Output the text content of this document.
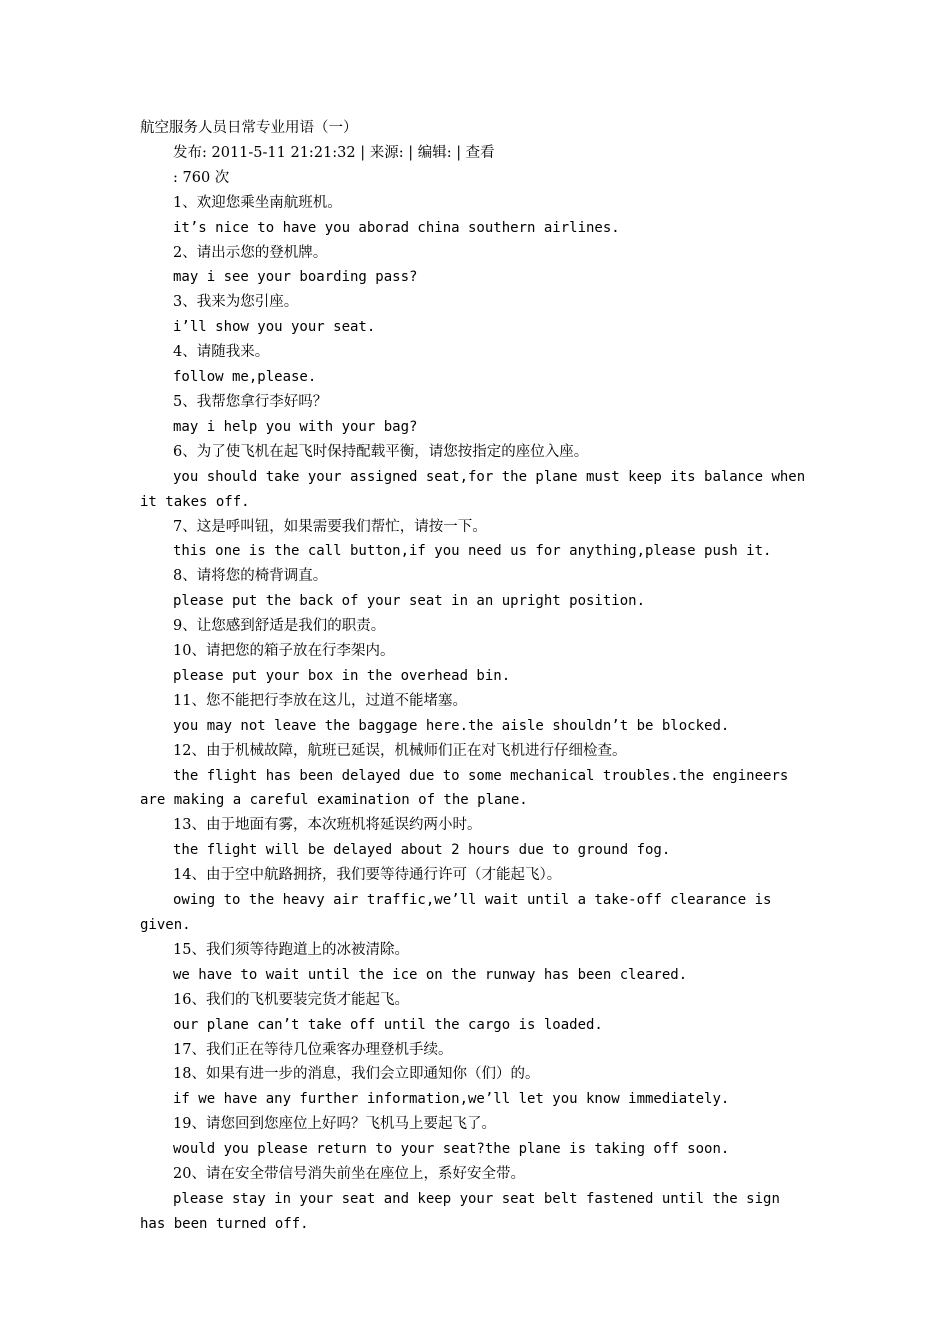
航空服务人员日常专业用语（一）

发布: 2011-5-11 21:21:32 | 来源: | 编辑: | 查看

: 760 次

1、欢迎您乘坐南航班机。

it’s nice to have you aborad china southern airlines.

2、请出示您的登机牌。

may i see your boarding pass?

3、我来为您引座。

i’ll show you your seat.

4、请随我来。

follow me,please.

5、我帮您拿行李好吗？

may i help you with your bag?

6、为了使飞机在起飞时保持配载平衡，请您按指定的座位入座。

you should take your assigned seat,for the plane must keep its balance when it takes off.

7、这是呼叫钮，如果需要我们帮忙，请按一下。

this one is the call button,if you need us for anything,please push it.

8、请将您的椅背调直。

please put the back of your seat in an upright position.

9、让您感到舒适是我们的职责。

10、请把您的箱子放在行李架内。

please put your box in the overhead bin.

11、您不能把行李放在这儿，过道不能堵塞。

you may not leave the baggage here.the aisle shouldn’t be blocked.

12、由于机械故障，航班已延误，机械师们正在对飞机进行仔细检查。

the flight has been delayed due to some mechanical troubles.the engineers are making a careful examination of the plane.

13、由于地面有雾，本次班机将延误约两小时。

the flight will be delayed about 2 hours due to ground fog.

14、由于空中航路拥挤，我们要等待通行许可（才能起飞）。

owing to the heavy air traffic,we’ll wait until a take-off clearance is given.

15、我们须等待跑道上的冰被清除。

we have to wait until the ice on the runway has been cleared.

16、我们的飞机要装完货才能起飞。

our plane can’t take off until the cargo is loaded.

17、我们正在等待几位乘客办理登机手续。

18、如果有进一步的消息，我们会立即通知你（们）的。

if we have any further information,we’ll let you know immediately.

19、请您回到您座位上好吗？飞机马上要起飞了。

would you please return to your seat?the plane is taking off soon.

20、请在安全带信号消失前坐在座位上，系好安全带。

please stay in your seat and keep your seat belt fastened until the sign has been turned off.
